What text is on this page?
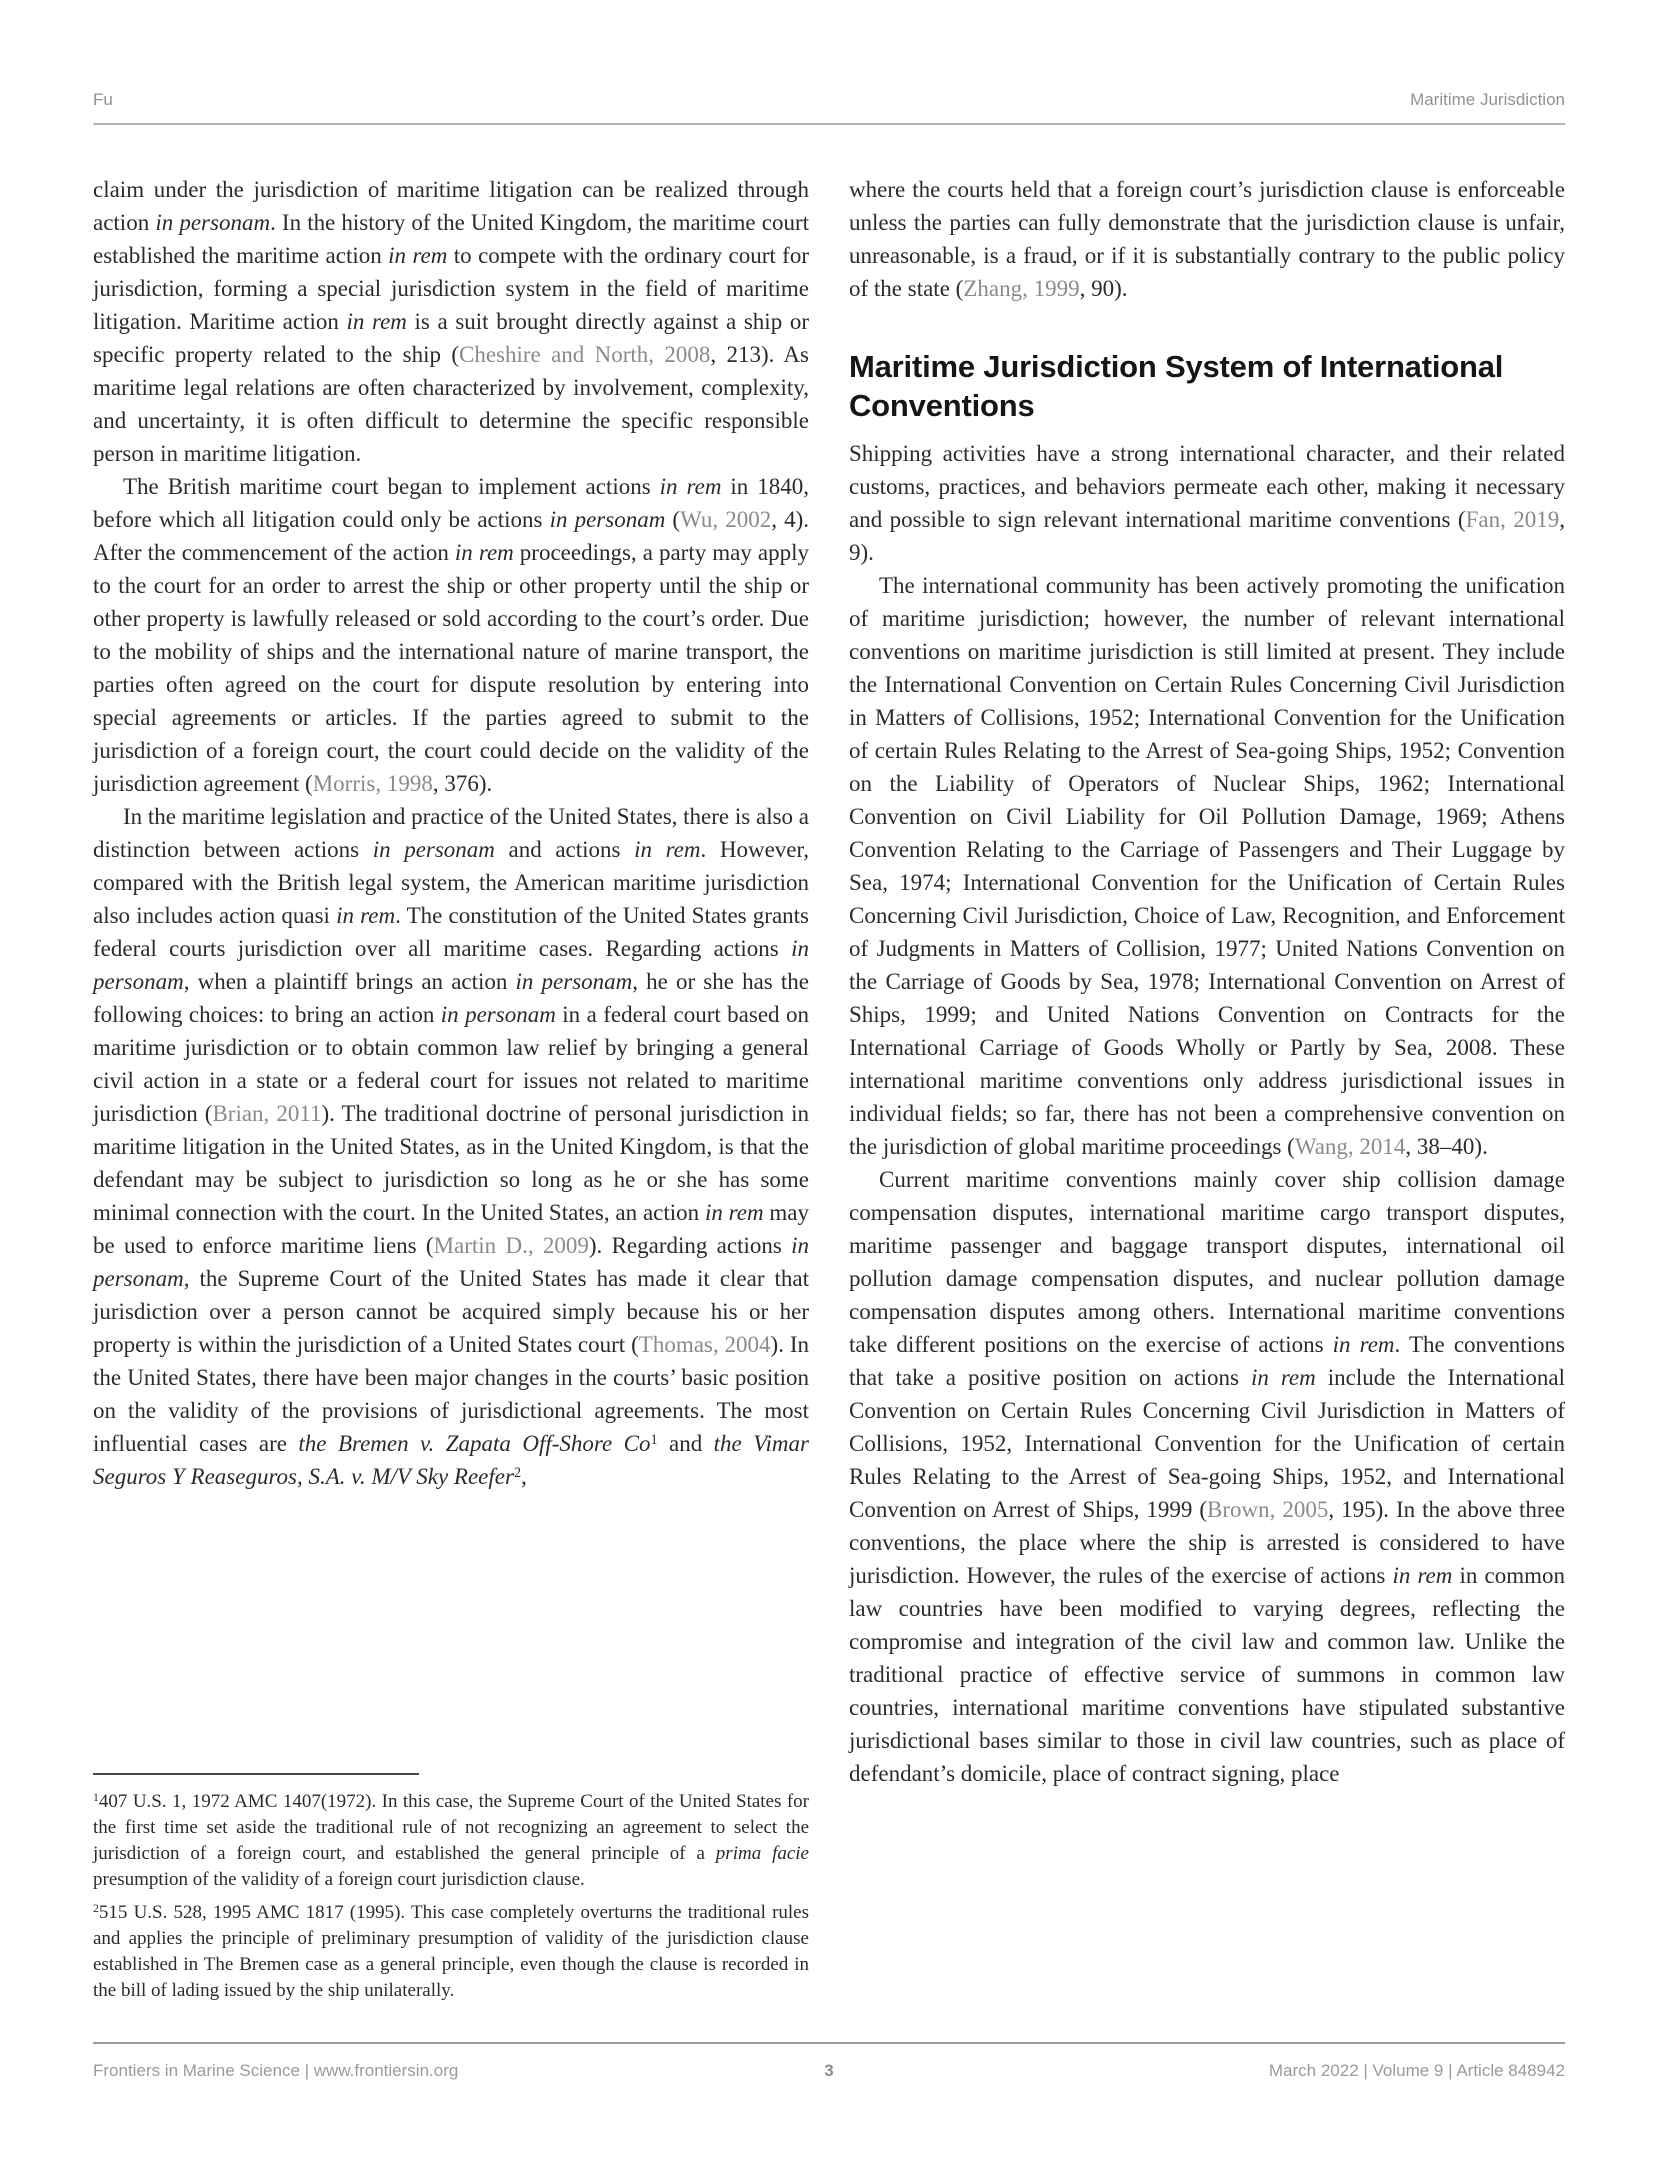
Fu	Maritime Jurisdiction

claim under the jurisdiction of maritime litigation can be realized through action in personam. In the history of the United Kingdom, the maritime court established the maritime action in rem to compete with the ordinary court for jurisdiction, forming a special jurisdiction system in the field of maritime litigation. Maritime action in rem is a suit brought directly against a ship or specific property related to the ship (Cheshire and North, 2008, 213). As maritime legal relations are often characterized by involvement, complexity, and uncertainty, it is often difficult to determine the specific responsible person in maritime litigation.

The British maritime court began to implement actions in rem in 1840, before which all litigation could only be actions in personam (Wu, 2002, 4). After the commencement of the action in rem proceedings, a party may apply to the court for an order to arrest the ship or other property until the ship or other property is lawfully released or sold according to the court’s order. Due to the mobility of ships and the international nature of marine transport, the parties often agreed on the court for dispute resolution by entering into special agreements or articles. If the parties agreed to submit to the jurisdiction of a foreign court, the court could decide on the validity of the jurisdiction agreement (Morris, 1998, 376).

In the maritime legislation and practice of the United States, there is also a distinction between actions in personam and actions in rem. However, compared with the British legal system, the American maritime jurisdiction also includes action quasi in rem. The constitution of the United States grants federal courts jurisdiction over all maritime cases. Regarding actions in personam, when a plaintiff brings an action in personam, he or she has the following choices: to bring an action in personam in a federal court based on maritime jurisdiction or to obtain common law relief by bringing a general civil action in a state or a federal court for issues not related to maritime jurisdiction (Brian, 2011). The traditional doctrine of personal jurisdiction in maritime litigation in the United States, as in the United Kingdom, is that the defendant may be subject to jurisdiction so long as he or she has some minimal connection with the court. In the United States, an action in rem may be used to enforce maritime liens (Martin D., 2009). Regarding actions in personam, the Supreme Court of the United States has made it clear that jurisdiction over a person cannot be acquired simply because his or her property is within the jurisdiction of a United States court (Thomas, 2004). In the United States, there have been major changes in the courts’ basic position on the validity of the provisions of jurisdictional agreements. The most influential cases are the Bremen v. Zapata Off-Shore Co$^1$ and the Vimar Seguros Y Reaseguros, S.A. v. M/V Sky Reefer$^2$,

$^1$407 U.S. 1, 1972 AMC 1407(1972). In this case, the Supreme Court of the United States for the first time set aside the traditional rule of not recognizing an agreement to select the jurisdiction of a foreign court, and established the general principle of a prima facie presumption of the validity of a foreign court jurisdiction clause.

$^2$515 U.S. 528, 1995 AMC 1817 (1995). This case completely overturns the traditional rules and applies the principle of preliminary presumption of validity of the jurisdiction clause established in The Bremen case as a general principle, even though the clause is recorded in the bill of lading issued by the ship unilaterally.

where the courts held that a foreign court’s jurisdiction clause is enforceable unless the parties can fully demonstrate that the jurisdiction clause is unfair, unreasonable, is a fraud, or if it is substantially contrary to the public policy of the state (Zhang, 1999, 90).

Maritime Jurisdiction System of International Conventions

Shipping activities have a strong international character, and their related customs, practices, and behaviors permeate each other, making it necessary and possible to sign relevant international maritime conventions (Fan, 2019, 9).

The international community has been actively promoting the unification of maritime jurisdiction; however, the number of relevant international conventions on maritime jurisdiction is still limited at present. They include the International Convention on Certain Rules Concerning Civil Jurisdiction in Matters of Collisions, 1952; International Convention for the Unification of certain Rules Relating to the Arrest of Sea-going Ships, 1952; Convention on the Liability of Operators of Nuclear Ships, 1962; International Convention on Civil Liability for Oil Pollution Damage, 1969; Athens Convention Relating to the Carriage of Passengers and Their Luggage by Sea, 1974; International Convention for the Unification of Certain Rules Concerning Civil Jurisdiction, Choice of Law, Recognition, and Enforcement of Judgments in Matters of Collision, 1977; United Nations Convention on the Carriage of Goods by Sea, 1978; International Convention on Arrest of Ships, 1999; and United Nations Convention on Contracts for the International Carriage of Goods Wholly or Partly by Sea, 2008. These international maritime conventions only address jurisdictional issues in individual fields; so far, there has not been a comprehensive convention on the jurisdiction of global maritime proceedings (Wang, 2014, 38–40).

Current maritime conventions mainly cover ship collision damage compensation disputes, international maritime cargo transport disputes, maritime passenger and baggage transport disputes, international oil pollution damage compensation disputes, and nuclear pollution damage compensation disputes among others. International maritime conventions take different positions on the exercise of actions in rem. The conventions that take a positive position on actions in rem include the International Convention on Certain Rules Concerning Civil Jurisdiction in Matters of Collisions, 1952, International Convention for the Unification of certain Rules Relating to the Arrest of Sea-going Ships, 1952, and International Convention on Arrest of Ships, 1999 (Brown, 2005, 195). In the above three conventions, the place where the ship is arrested is considered to have jurisdiction. However, the rules of the exercise of actions in rem in common law countries have been modified to varying degrees, reflecting the compromise and integration of the civil law and common law. Unlike the traditional practice of effective service of summons in common law countries, international maritime conventions have stipulated substantive jurisdictional bases similar to those in civil law countries, such as place of defendant’s domicile, place of contract signing, place

Frontiers in Marine Science | www.frontiersin.org	3	March 2022 | Volume 9 | Article 848942
